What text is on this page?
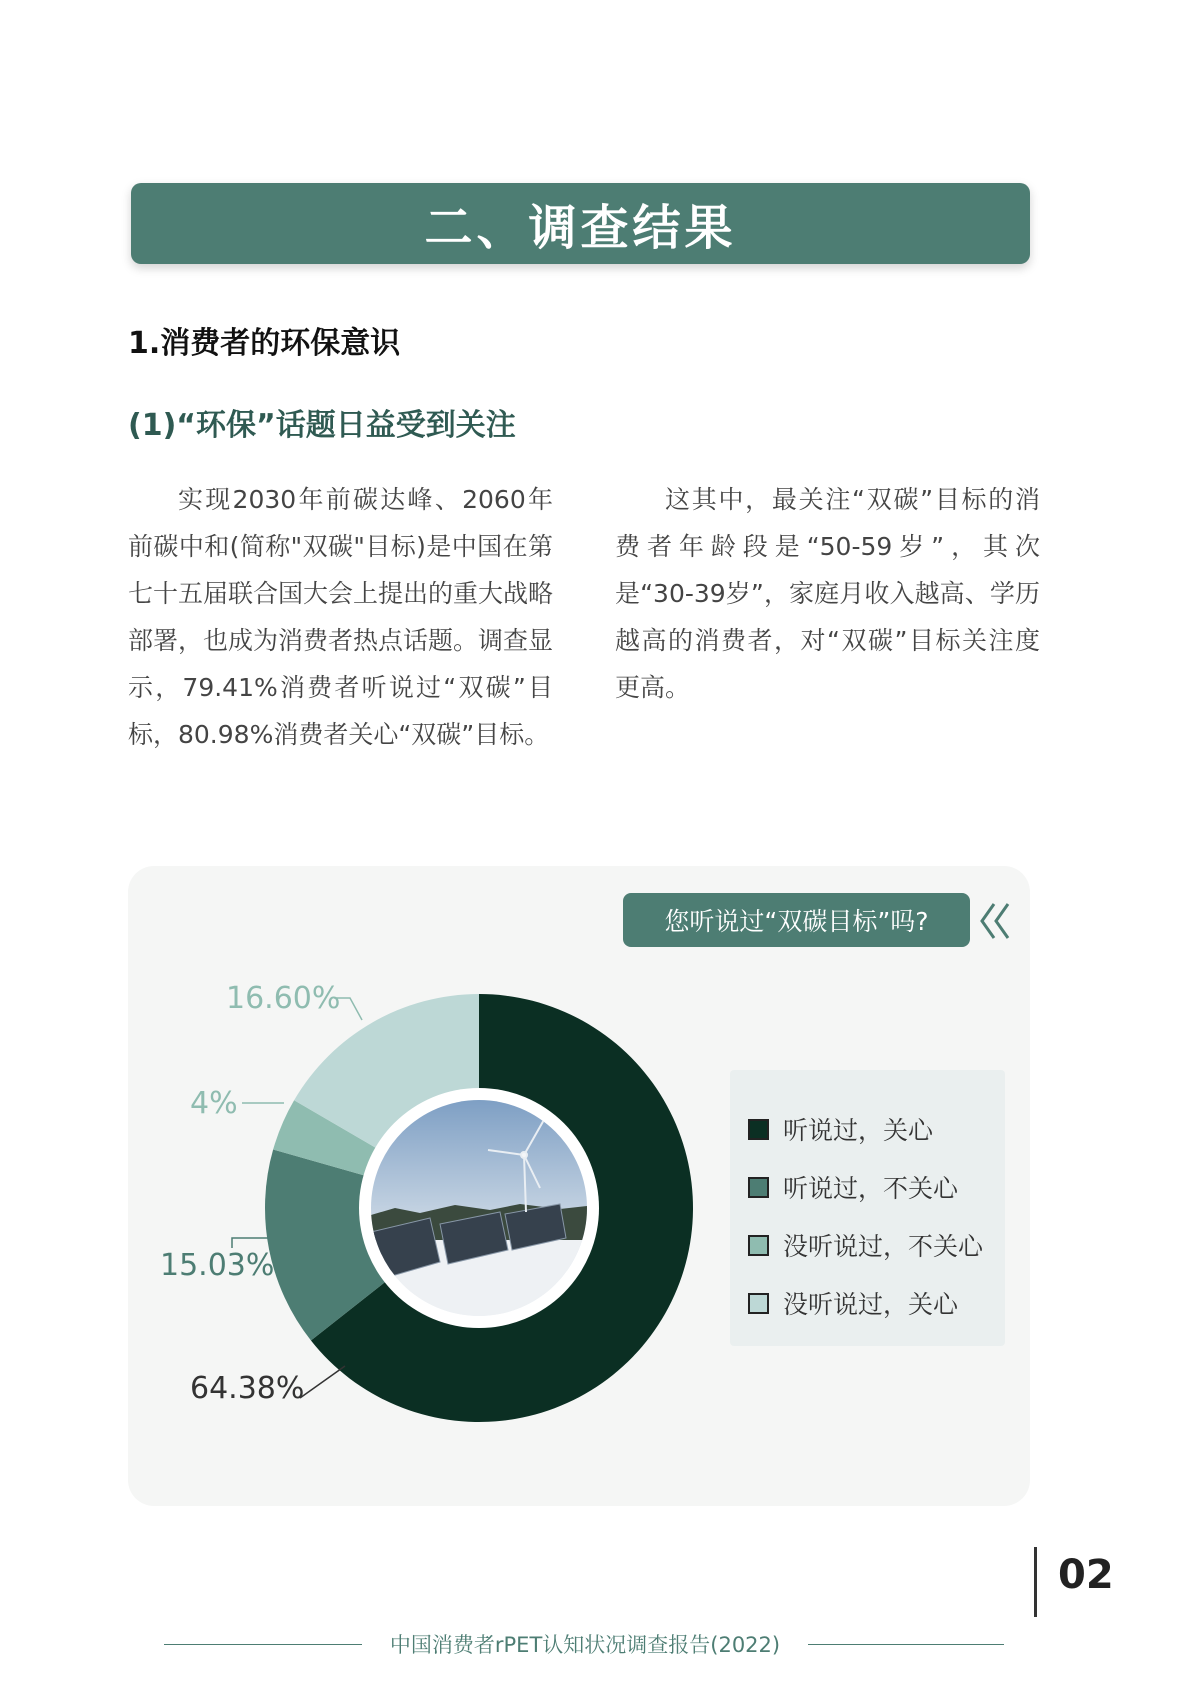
二、调查结果
1.消费者的环保意识
(1)“环保”话题日益受到关注

实现2030年前碳达峰、2060年前碳中和(简称"双碳"目标)是中国在第七十五届联合国大会上提出的重大战略部署，也成为消费者热点话题。调查显示，79.41%消费者听说过“双碳”目标，80.98%消费者关心“双碳”目标。

这其中，最关注“双碳”目标的消费者年龄段是“50-59岁”，其次是“30-39岁”，家庭月收入越高、学历越高的消费者，对“双碳”目标关注度更高。

您听说过“双碳目标”吗?
64.38%
15.03%
4%
16.60%
听说过，关心
听说过，不关心
没听说过，不关心
没听说过，关心
02
中国消费者rPET认知状况调查报告(2022)
